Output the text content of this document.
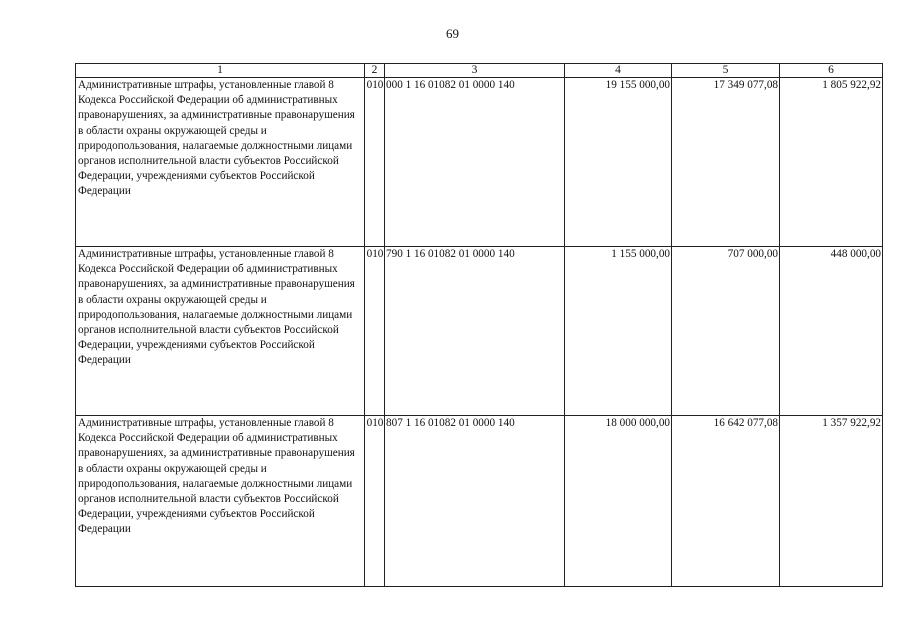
69
1	2	3	4	5	6
Административные штрафы, установленные главой 8 Кодекса Российской Федерации об административных правонарушениях, за административные правонарушения в области охраны окружающей среды и природопользования, налагаемые должностными лицами органов исполнительной власти субъектов Российской Федерации, учреждениями субъектов Российской Федерации	010	000 1 16 01082 01 0000 140	19 155 000,00	17 349 077,08	1 805 922,92
Административные штрафы, установленные главой 8 Кодекса Российской Федерации об административных правонарушениях, за административные правонарушения в области охраны окружающей среды и природопользования, налагаемые должностными лицами органов исполнительной власти субъектов Российской Федерации, учреждениями субъектов Российской Федерации	010	790 1 16 01082 01 0000 140	1 155 000,00	707 000,00	448 000,00
Административные штрафы, установленные главой 8 Кодекса Российской Федерации об административных правонарушениях, за административные правонарушения в области охраны окружающей среды и природопользования, налагаемые должностными лицами органов исполнительной власти субъектов Российской Федерации, учреждениями субъектов Российской Федерации	010	807 1 16 01082 01 0000 140	18 000 000,00	16 642 077,08	1 357 922,92
